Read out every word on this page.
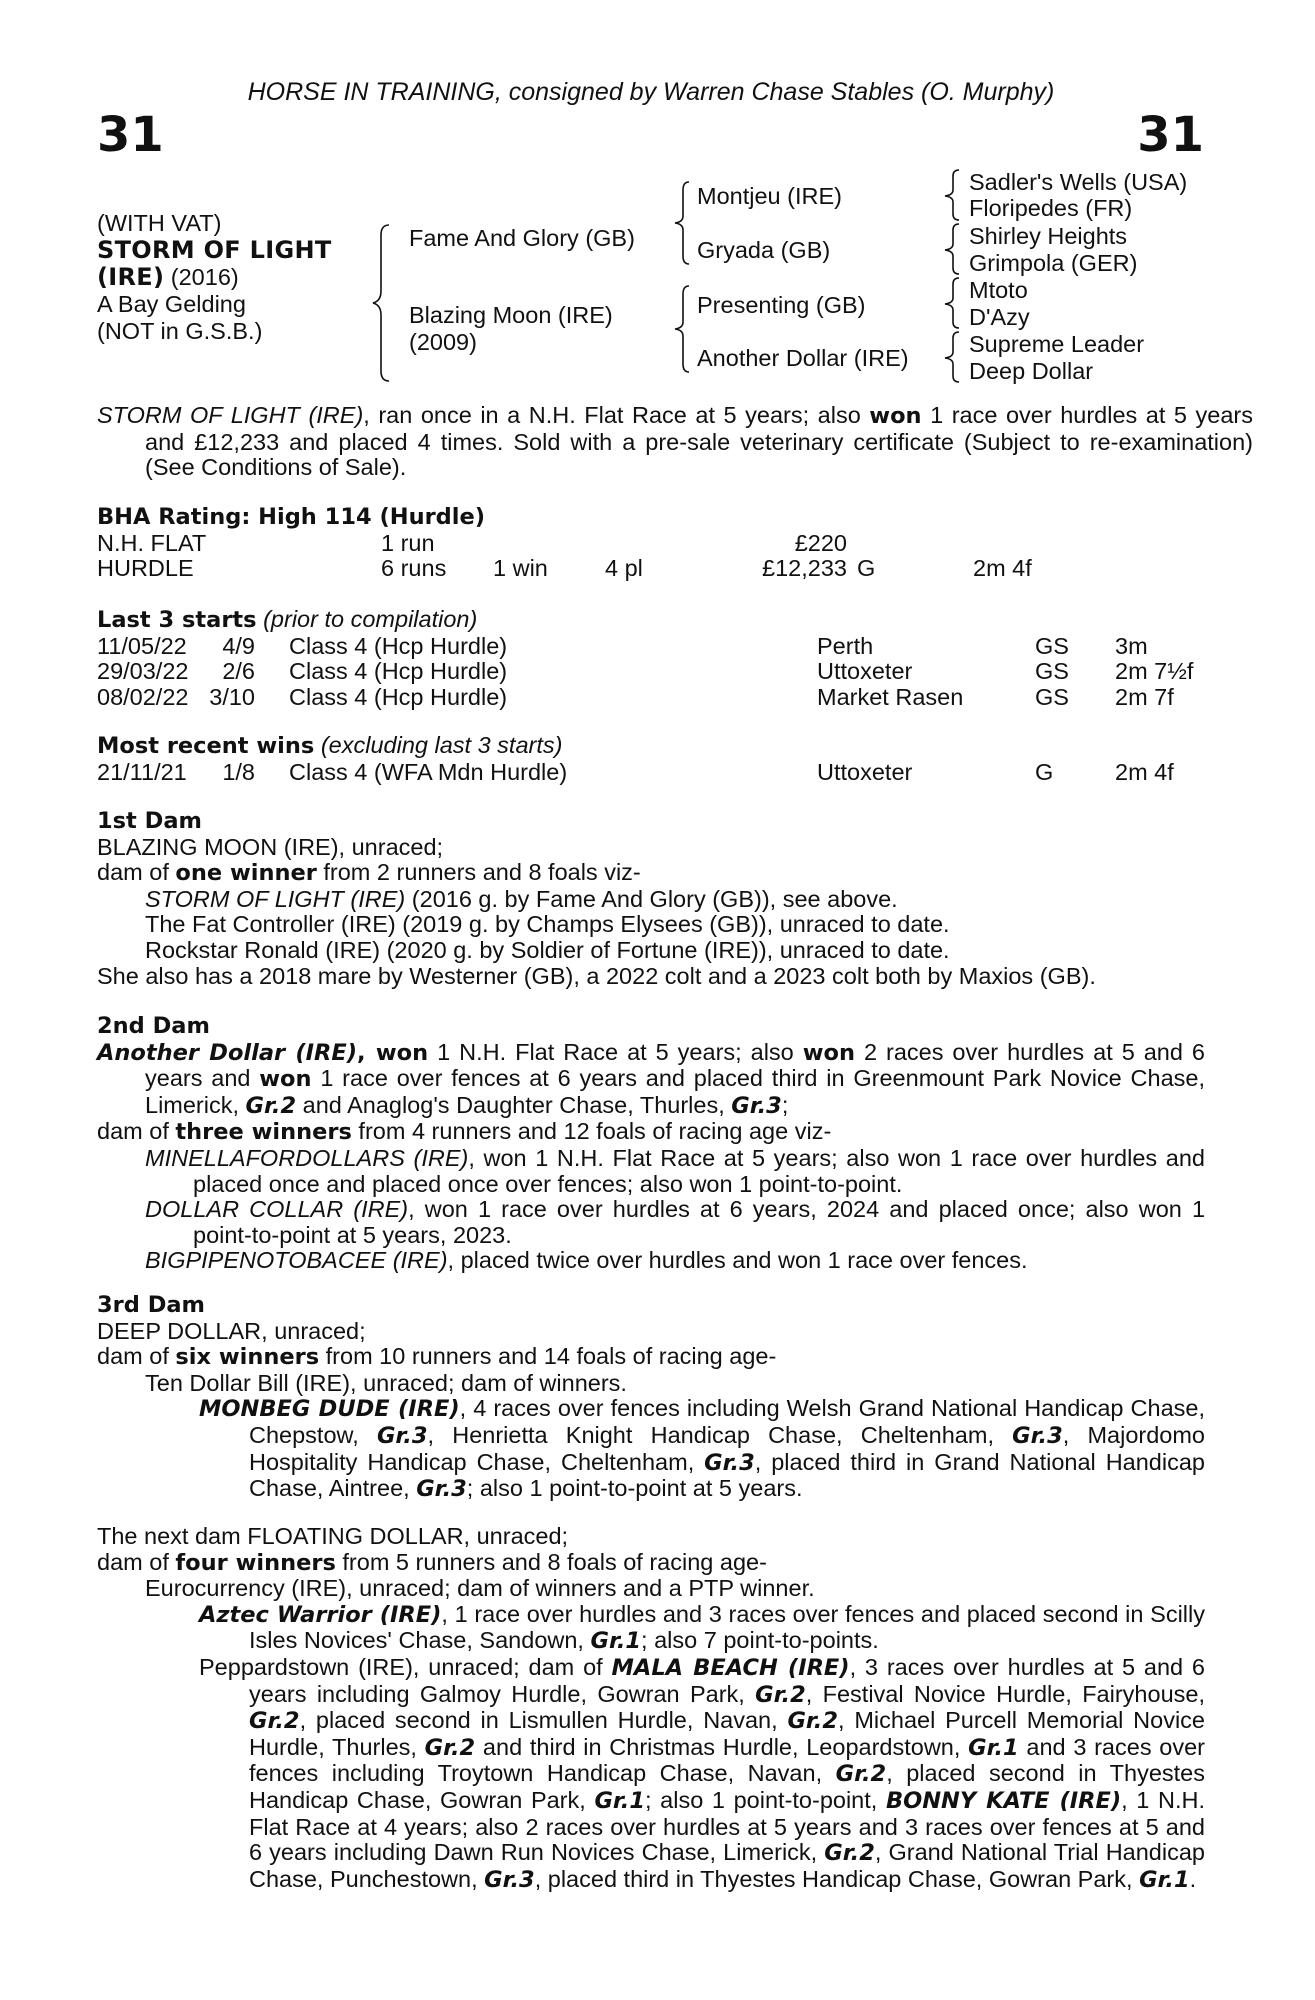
HORSE IN TRAINING, consigned by Warren Chase Stables (O. Murphy)
31	31
(WITH VAT)
STORM OF LIGHT
(IRE) (2016)
A Bay Gelding
(NOT in G.S.B.)
Fame And Glory (GB)
Blazing Moon (IRE)
(2009)
Montjeu (IRE)
Gryada (GB)
Presenting (GB)
Another Dollar (IRE)
Sadler's Wells (USA)
Floripedes (FR)
Shirley Heights
Grimpola (GER)
Mtoto
D'Azy
Supreme Leader
Deep Dollar
STORM OF LIGHT (IRE), ran once in a N.H. Flat Race at 5 years; also won 1 race over hurdles at 5 years and £12,233 and placed 4 times. Sold with a pre-sale veterinary certificate (Subject to re-examination) (See Conditions of Sale).
BHA Rating: High 114 (Hurdle)
N.H. FLAT	1 run	£220
HURDLE	6 runs 1 win 4 pl	£12,233 G	2m 4f
Last 3 starts (prior to compilation)
11/05/22	4/9 Class 4 (Hcp Hurdle)	Perth	GS 3m
29/03/22	2/6 Class 4 (Hcp Hurdle)	Uttoxeter	GS 2m 7½f
08/02/22 3/10 Class 4 (Hcp Hurdle)	Market Rasen	GS 2m 7f
Most recent wins (excluding last 3 starts)
21/11/21	1/8 Class 4 (WFA Mdn Hurdle)	Uttoxeter	G	2m 4f
1st Dam
BLAZING MOON (IRE), unraced;
dam of one winner from 2 runners and 8 foals viz-
STORM OF LIGHT (IRE) (2016 g. by Fame And Glory (GB)), see above.
The Fat Controller (IRE) (2019 g. by Champs Elysees (GB)), unraced to date.
Rockstar Ronald (IRE) (2020 g. by Soldier of Fortune (IRE)), unraced to date.
She also has a 2018 mare by Westerner (GB), a 2022 colt and a 2023 colt both by Maxios (GB).
2nd Dam
Another Dollar (IRE), won 1 N.H. Flat Race at 5 years; also won 2 races over hurdles at 5 and 6 years and won 1 race over fences at 6 years and placed third in Greenmount Park Novice Chase, Limerick, Gr.2 and Anaglog's Daughter Chase, Thurles, Gr.3;
dam of three winners from 4 runners and 12 foals of racing age viz-
MINELLAFORDOLLARS (IRE), won 1 N.H. Flat Race at 5 years; also won 1 race over hurdles and placed once and placed once over fences; also won 1 point-to-point.
DOLLAR COLLAR (IRE), won 1 race over hurdles at 6 years, 2024 and placed once; also won 1 point-to-point at 5 years, 2023.
BIGPIPENOTOBACEE (IRE), placed twice over hurdles and won 1 race over fences.
3rd Dam
DEEP DOLLAR, unraced;
dam of six winners from 10 runners and 14 foals of racing age-
Ten Dollar Bill (IRE), unraced; dam of winners.
MONBEG DUDE (IRE), 4 races over fences including Welsh Grand National Handicap Chase, Chepstow, Gr.3, Henrietta Knight Handicap Chase, Cheltenham, Gr.3, Majordomo Hospitality Handicap Chase, Cheltenham, Gr.3, placed third in Grand National Handicap Chase, Aintree, Gr.3; also 1 point-to-point at 5 years.
The next dam FLOATING DOLLAR, unraced;
dam of four winners from 5 runners and 8 foals of racing age-
Eurocurrency (IRE), unraced; dam of winners and a PTP winner.
Aztec Warrior (IRE), 1 race over hurdles and 3 races over fences and placed second in Scilly Isles Novices' Chase, Sandown, Gr.1; also 7 point-to-points.
Peppardstown (IRE), unraced; dam of MALA BEACH (IRE), 3 races over hurdles at 5 and 6 years including Galmoy Hurdle, Gowran Park, Gr.2, Festival Novice Hurdle, Fairyhouse, Gr.2, placed second in Lismullen Hurdle, Navan, Gr.2, Michael Purcell Memorial Novice Hurdle, Thurles, Gr.2 and third in Christmas Hurdle, Leopardstown, Gr.1 and 3 races over fences including Troytown Handicap Chase, Navan, Gr.2, placed second in Thyestes Handicap Chase, Gowran Park, Gr.1; also 1 point-to-point, BONNY KATE (IRE), 1 N.H. Flat Race at 4 years; also 2 races over hurdles at 5 years and 3 races over fences at 5 and 6 years including Dawn Run Novices Chase, Limerick, Gr.2, Grand National Trial Handicap Chase, Punchestown, Gr.3, placed third in Thyestes Handicap Chase, Gowran Park, Gr.1.
